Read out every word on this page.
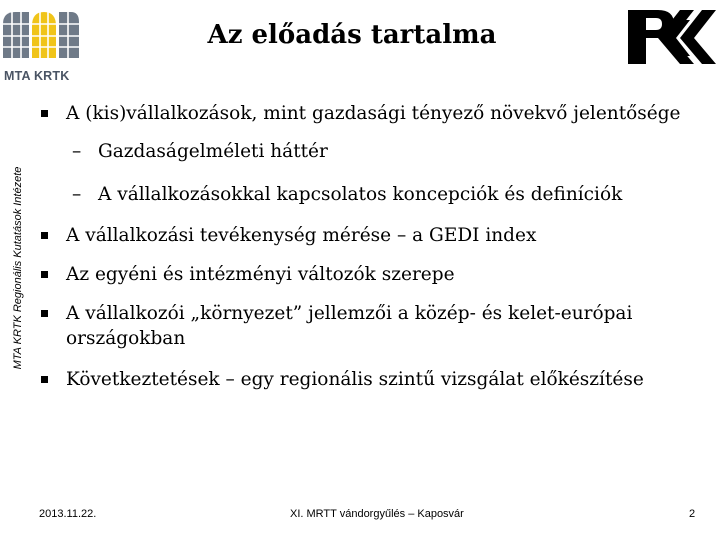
MTA KRTK
Az előadás tartalma
MTA KRTK Regionális Kutatások Intézete
A (kis)vállalkozások, mint gazdasági tényező növekvő jelentősége
– Gazdaságelméleti háttér
– A vállalkozásokkal kapcsolatos koncepciók és definíciók
A vállalkozási tevékenység mérése – a GEDI index
Az egyéni és intézményi változók szerepe
A vállalkozói „környezet” jellemzői a közép- és kelet-európai országokban
Következtetések – egy regionális szintű vizsgálat előkészítése
2013.11.22.	XI. MRTT vándorgyűlés – Kaposvár	2
